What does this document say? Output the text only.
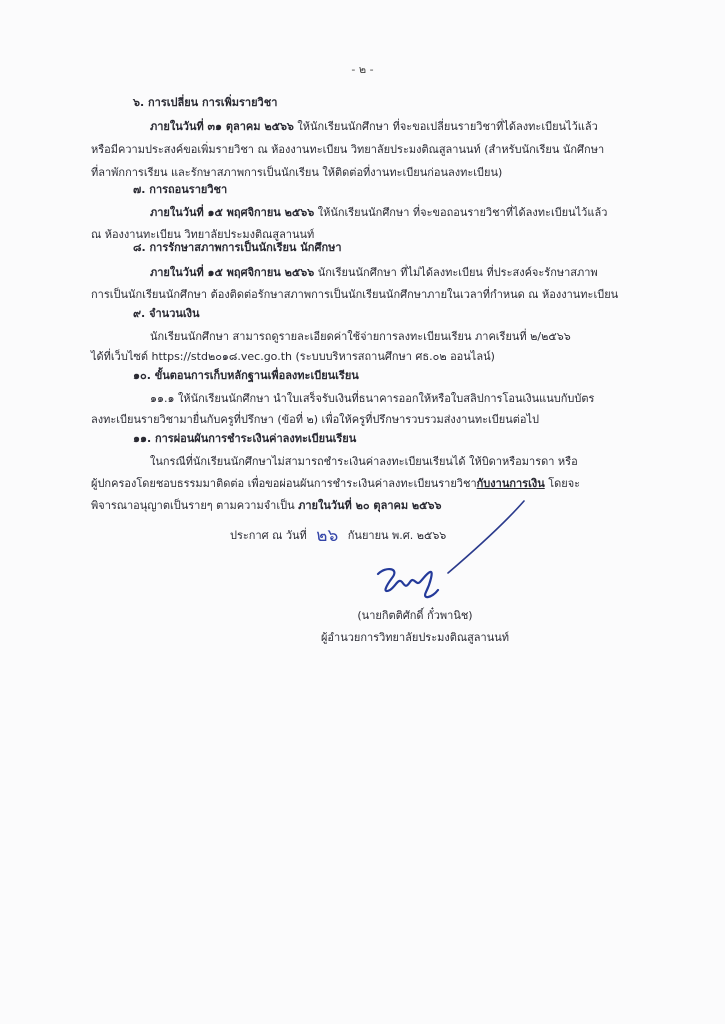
- ๒ -
๖. การเปลี่ยน การเพิ่มรายวิชา
ภายในวันที่ ๓๑ ตุลาคม ๒๕๖๖ ให้นักเรียนนักศึกษา ที่จะขอเปลี่ยนรายวิชาที่ได้ลงทะเบียนไว้แล้ว
หรือมีความประสงค์ขอเพิ่มรายวิชา ณ ห้องงานทะเบียน วิทยาลัยประมงติณสูลานนท์ (สำหรับนักเรียน นักศึกษา
ที่ลาพักการเรียน และรักษาสภาพการเป็นนักเรียน ให้ติดต่อที่งานทะเบียนก่อนลงทะเบียน)
๗. การถอนรายวิชา
ภายในวันที่ ๑๕ พฤศจิกายน ๒๕๖๖ ให้นักเรียนนักศึกษา ที่จะขอถอนรายวิชาที่ได้ลงทะเบียนไว้แล้ว
ณ ห้องงานทะเบียน วิทยาลัยประมงติณสูลานนท์
๘. การรักษาสภาพการเป็นนักเรียน นักศึกษา
ภายในวันที่ ๑๕ พฤศจิกายน ๒๕๖๖ นักเรียนนักศึกษา ที่ไม่ได้ลงทะเบียน ที่ประสงค์จะรักษาสภาพ
การเป็นนักเรียนนักศึกษา ต้องติดต่อรักษาสภาพการเป็นนักเรียนนักศึกษาภายในเวลาที่กำหนด ณ ห้องงานทะเบียน
๙. จำนวนเงิน
นักเรียนนักศึกษา สามารถดูรายละเอียดค่าใช้จ่ายการลงทะเบียนเรียน ภาคเรียนที่ ๒/๒๕๖๖
ได้ที่เว็บไซต์ https://std๒๐๑๘.vec.go.th (ระบบบริหารสถานศึกษา ศธ.๐๒ ออนไลน์)
๑๐. ขั้นตอนการเก็บหลักฐานเพื่อลงทะเบียนเรียน
๑๑.๑ ให้นักเรียนนักศึกษา นำใบเสร็จรับเงินที่ธนาคารออกให้หรือใบสลิปการโอนเงินแนบกับบัตร
ลงทะเบียนรายวิชามายื่นกับครูที่ปรึกษา (ข้อที่ ๒) เพื่อให้ครูที่ปรึกษารวบรวมส่งงานทะเบียนต่อไป
๑๑. การผ่อนผันการชำระเงินค่าลงทะเบียนเรียน
ในกรณีที่นักเรียนนักศึกษาไม่สามารถชำระเงินค่าลงทะเบียนเรียนได้ ให้บิดาหรือมารดา หรือ
ผู้ปกครองโดยชอบธรรมมาติดต่อ เพื่อขอผ่อนผันการชำระเงินค่าลงทะเบียนรายวิชากับงานการเงิน โดยจะ
พิจารณาอนุญาตเป็นรายๆ ตามความจำเป็น ภายในวันที่ ๒๐ ตุลาคม ๒๕๖๖
ประกาศ ณ วันที่ ๒๖ กันยายน พ.ศ. ๒๕๖๖
(นายกิตติศักดิ์ กั๋วพานิช)
ผู้อำนวยการวิทยาลัยประมงติณสูลานนท์
